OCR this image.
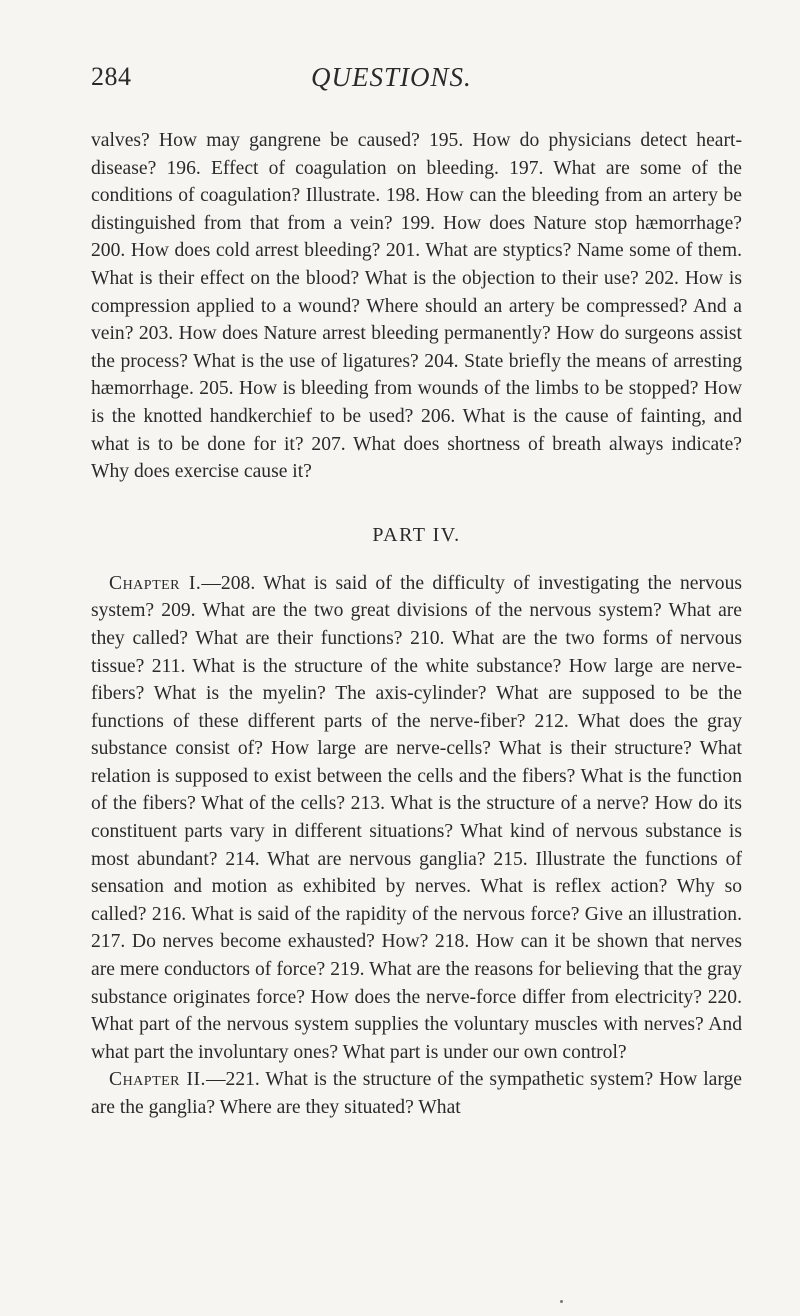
284	QUESTIONS.

valves? How may gangrene be caused? 195. How do physicians detect heart-disease? 196. Effect of coagulation on bleeding. 197. What are some of the conditions of coagulation? Illustrate. 198. How can the bleeding from an artery be distinguished from that from a vein? 199. How does Nature stop hæmorrhage? 200. How does cold arrest bleeding? 201. What are styptics? Name some of them. What is their effect on the blood? What is the objection to their use? 202. How is compression applied to a wound? Where should an artery be compressed? And a vein? 203. How does Nature arrest bleeding permanently? How do surgeons assist the process? What is the use of ligatures? 204. State briefly the means of arresting hæmorrhage. 205. How is bleeding from wounds of the limbs to be stopped? How is the knotted handkerchief to be used? 206. What is the cause of fainting, and what is to be done for it? 207. What does shortness of breath always indicate? Why does exercise cause it?

PART IV.

Chapter I.—208. What is said of the difficulty of investigating the nervous system? 209. What are the two great divisions of the nervous system? What are they called? What are their functions? 210. What are the two forms of nervous tissue? 211. What is the structure of the white substance? How large are nerve-fibers? What is the myelin? The axis-cylinder? What are supposed to be the functions of these different parts of the nerve-fiber? 212. What does the gray substance consist of? How large are nerve-cells? What is their structure? What relation is supposed to exist between the cells and the fibers? What is the function of the fibers? What of the cells? 213. What is the structure of a nerve? How do its constituent parts vary in different situations? What kind of nervous substance is most abundant? 214. What are nervous ganglia? 215. Illustrate the functions of sensation and motion as exhibited by nerves. What is reflex action? Why so called? 216. What is said of the rapidity of the nervous force? Give an illustration. 217. Do nerves become exhausted? How? 218. How can it be shown that nerves are mere conductors of force? 219. What are the reasons for believing that the gray substance originates force? How does the nerve-force differ from electricity? 220. What part of the nervous system supplies the voluntary muscles with nerves? And what part the involuntary ones? What part is under our own control?

Chapter II.—221. What is the structure of the sympathetic system? How large are the ganglia? Where are they situated? What
